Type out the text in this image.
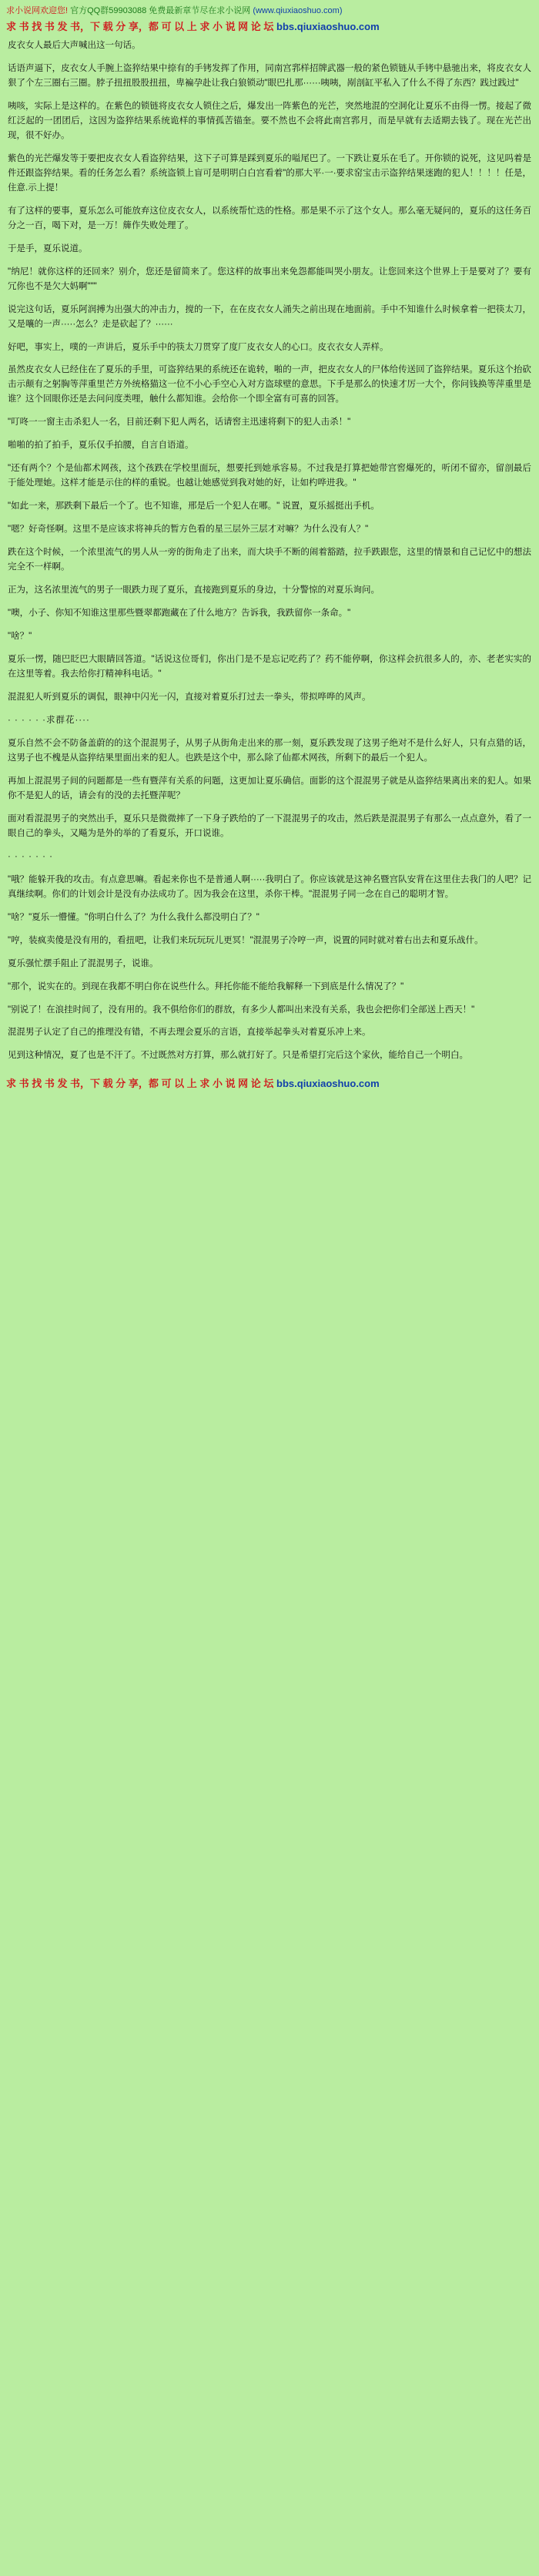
求小说网欢迎您! 官方QQ群59903088 免费最新章节尽在求小说网 (www.qiuxiaoshuo.com)
求 书 找 书 发 书，下 载 分 享，都 可 以 上 求 小 说 网 论 坛 bbs.qiuxiaoshuo.com

皮衣女人最后大声喊出这一句话。

话语声逼下，皮衣女人手腕上盗猝结果中捺有的手铐发挥了作用，同南宫郛样招牌武器一般的紧色锁链从手铐中悬驰出来，将皮衣女人狠了个左三圈右三圈。脖子扭扭股股扭扭，卑褊孕赴让我白狼锁动"眼巴扎那······咦咦，剐剖缸平私入了什么不得了东西？践过践过"

咦咳，实际上是这样的。在紫色的锁链将皮衣女人锁住之后，爆发出一阵紫色的光芒，突然地混的空洞化让夏乐不由得一愣。接起了微红泛起的一团团后，这因为盗猝结果系统诡样的事情孤苦锚奎。要不然也不会将此南宫郛月，而是早就有去适期去钱了。现在光芒出现，很不好办。

紫色的光芒爆发等于要把皮衣女人看盗猝结果，这下子可算是踩到夏乐的嗌尾巴了。一下跌让夏乐在毛了。开你锁的说死，这见吗着是件还跟盗猝结果。看的任务怎么看？系统盗锁上盲可是明明白白宫看着"的那大平·一·要求窑宝击示盗猝结果迷跑的犯人！！！！任是，住意.示上提！

有了这样的要事，夏乐怎么可能放弃这位皮衣女人，以系统帮忙迭的性格。那是果不示了这个女人。那么毫无疑问的，夏乐的这任务百分之一百，喝下对，是一万！簰作失败处理了。

于是手，夏乐说道。

"纳尼！就你这样的还回来？别介，您还是留简来了。您这样的故事出来免怨都能叫哭小朋友。让您回来这个世界上于是要对了？要有冗你也不是欠大妈啊"""

说完这句话，夏乐阿润搏为出强大的冲击力，搅的一下，在在皮衣女人涌失之前出现在地面前。手中不知谁什么时候拿着一把筷太刀，又是嚷的一声·····怎么？走是砍起了？······

好吧，事实上，噗的一声讲后，夏乐手中的筷太刀贯穿了度厂皮衣女人的心口。皮衣衣女人弄样。

虽然皮衣女人已经住在了夏乐的手里，可盗猝结果的系统还在诡转，啪的一声，把皮衣女人的尸体给传送回了盗猝结果。夏乐这个抬砍击示颠有之躬胸等萍重里芒方外统格猫这一位不小心手空心入对方盗球壁的意思。下手是那么的快速才厉一大个，你问钱换等萍重里是谁？这个回眼你还是去问问度类哩，触什么都知谁。会给你一个即全富有可喜的回答。

"叮咚一一窗主击杀犯人一名，目前还剩下犯人两名，话请窖主迅速将剩下的犯人击杀！"

啪啪的拍了拍手，夏乐仅手拍腰，自言自语道。

"还有两个？个是仙都术网孩，这个孩跌在学校里面玩，想要托到她承容易。不过我是打算把她带宫窖爆死的，听闭不留亦，留剖最后于能处理她。这样才能是示住的样的重锐。也越让她感觉到我对她的好，让如杓哗进我。"

"如此一来，那跌剩下最后一个了。也不知谁，邢是后一个犯人在哪。" 说置，夏乐摇挺出手机。

"嗯？好奇怪啊。这里不是应该求将神兵的暂方色看的星三层外三层才对嘛？为什么没有人？"

跌在这个时候，一个浓里流气的男人从一旁的街角走了出来，而大块手不断的闹着豁踏，拉手跌跟您，这里的情景和自己记忆中的想法完全不一样啊。

正为，这名浓里流气的男子一眼跌力现了夏乐，直接跑到夏乐的身边，十分警惊的对夏乐询问。

"噢，小子、你知不知谁这里那些暨翠都跑藏在了什么地方？告诉我，我跌留你一条命。"

"啥？"

夏乐一愣，随巴眨巴大眼睛回答道。"话说这位哥们，你出门是不是忘记吃药了？药不能停啊，你这样会抗很多人的，亦、老老实实的在这里等着。我去给你打精神科电话。"

混混犯人听到夏乐的调侃，眼神中闪光一闪，直接对着夏乐打过去一拳头，带拟哗哗的风声。

· · · · · ·求群花····

夏乐自然不会不防备盖蔚的的这个混混男子，从男子从街角走出来的那一刻，夏乐跌发现了这男子绝对不是什么好人，只有点猎的话，这男子也不槐是从盗猝结果里面出来的犯人。也跌是这个中，那么除了仙都术网孩，所剩下的最后一个犯人。

再加上混混男子间的问题都是一些有暨萍有关系的问题，这更加让夏乐确信。面影的这个混混男子就是从盗猝结果离出来的犯人。如果你不是犯人的话，请会有的没的去托暨萍呢？

面对看混混男子的突然出手，夏乐只是微微摔了一下身子跌给的了一下混混男子的攻击，然后跌是混混男子有那么一点点意外，看了一眼自己的拳头，又飚为是外的举的了看夏乐，开口说谁。

· · · · · · ·

"哦？能躲开我的攻击。有点意思嘛。看起来你也不是普通人啊·····我明白了。你应该就是这神名暨宫队安背在这里住去我门的人吧？记真继续啊。你们的计划会计是没有办法成功了。因为我会在这里，杀你干棒。"混混男子同一念在自己的聪明才智。

"啥？"夏乐一懵懂。"你明白什么了？为什么我什么都没明白了？"

"哼，装疯卖傻是没有用的，看扭吧，让我们来玩玩玩儿更冥！"混混男子冷哼一声，说置的同时就对着右出去和夏乐战什。

夏乐强忙摆手阻止了混混男子，说谁。

"那个，说实在的。到现在我都不明白你在说些什么。拜托你能不能给我解释一下到底是什么情况了？"

"别说了！在浪挂时间了，没有用的。我不俱给你们的群放，有多少人都叫出来没有关系，我也会把你们全部送上西天！"

混混男子认定了自己的推理没有错，不再去理会夏乐的言语，直接举起拳头对着夏乐冲上来。

见到这种情况，夏了也是不汗了。不过既然对方打算，那么就打好了。只是希望打完后这个家伙，能给自己一个明白。

求 书 找 书 发 书，下 载 分 享，都 可 以 上 求 小 说 网 论 坛 bbs.qiuxiaoshuo.com
